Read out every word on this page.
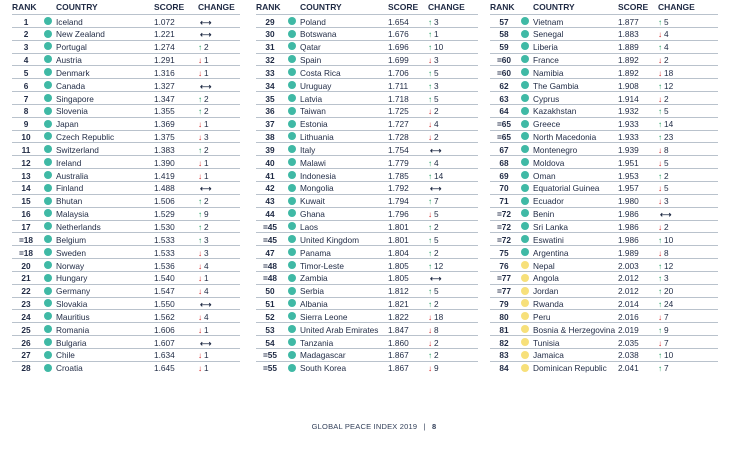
RANK COUNTRY	SCORE CHANGE
1	Iceland	1.072	⟷
2	New Zealand	1.221	⟷
3	Portugal	1.274	↑ 2
4	Austria	1.291	↓ 1
5	Denmark	1.316	↓ 1
6	Canada	1.327	⟷
7	Singapore	1.347	↑ 2
8	Slovenia	1.355	↑ 2
9	Japan	1.369	↓ 1
10	Czech Republic	1.375	↓ 3
11	Switzerland	1.383	↑ 2
12	Ireland	1.390	↓ 1
13	Australia	1.419	↓ 1
14	Finland	1.488	⟷
15	Bhutan	1.506	↑ 2
16	Malaysia	1.529	↑ 9
17	Netherlands	1.530	↑ 2
=18	Belgium	1.533	↑ 3
=18	Sweden	1.533	↓ 3
20	Norway	1.536	↓ 4
21	Hungary	1.540	↓ 1
22	Germany	1.547	↓ 4
23	Slovakia	1.550	⟷
24	Mauritius	1.562	↓ 4
25	Romania	1.606	↓ 1
26	Bulgaria	1.607	⟷
27	Chile	1.634	↓ 1
28	Croatia	1.645	↓ 1
RANK COUNTRY	SCORE CHANGE
29	Poland	1.654 ↑ 3
30	Botswana	1.676 ↑ 1
31	Qatar	1.696 ↑ 10
32	Spain	1.699 ↓ 3
33	Costa Rica	1.706 ↑ 5
34	Uruguay	1.711 ↑ 3
35	Latvia	1.718 ↑ 5
36	Taiwan	1.725 ↓ 2
37	Estonia	1.727 ↓ 4
38	Lithuania	1.728 ↓ 2
39	Italy	1.754	⟷
40	Malawi	1.779 ↑ 4
41	Indonesia	1.785 ↑ 14
42	Mongolia	1.792	⟷
43	Kuwait	1.794 ↑ 7
44	Ghana	1.796 ↓ 5
=45	Laos	1.801 ↑ 2
=45	United Kingdom	1.801 ↑ 5
47	Panama	1.804 ↑ 2
=48	Timor-Leste	1.805 ↑ 12
=48	Zambia	1.805	⟷
50	Serbia	1.812 ↑ 5
51	Albania	1.821 ↑ 2
52	Sierra Leone	1.822 ↓ 18
53	United Arab Emirates 1.847 ↓ 8
54	Tanzania	1.860 ↓ 2
=55	Madagascar	1.867 ↑ 2
=55	South Korea	1.867 ↓ 9
RANK COUNTRY	SCORE CHANGE
57	Vietnam	1.877 ↑ 5
58	Senegal	1.883 ↓ 4
59	Liberia	1.889 ↑ 4
=60	France	1.892 ↓ 2
=60	Namibia	1.892 ↓ 18
62	The Gambia	1.908 ↑ 12
63	Cyprus	1.914 ↓ 2
64	Kazakhstan	1.932 ↑ 5
=65	Greece	1.933 ↑ 14
=65	North Macedonia	1.933 ↑ 23
67	Montenegro	1.939 ↓ 8
68	Moldova	1.951 ↓ 5
69	Oman	1.953 ↑ 2
70	Equatorial Guinea 1.957 ↓ 5
71	Ecuador	1.980 ↓ 3
=72	Benin	1.986	⟷
=72	Sri Lanka	1.986 ↓ 2
=72	Eswatini	1.986 ↑ 10
75	Argentina	1.989 ↓ 8
76	Nepal	2.003 ↑ 12
=77	Angola	2.012 ↑ 3
=77	Jordan	2.012 ↑ 20
79	Rwanda	2.014 ↑ 24
80	Peru	2.016 ↓ 7
81	Bosnia & Herzegovina 2.019 ↑ 9
82	Tunisia	2.035 ↓ 7
83	Jamaica	2.038 ↑ 10
84	Dominican Republic 2.041 ↑ 7
GLOBAL PEACE INDEX 2019 | 8
